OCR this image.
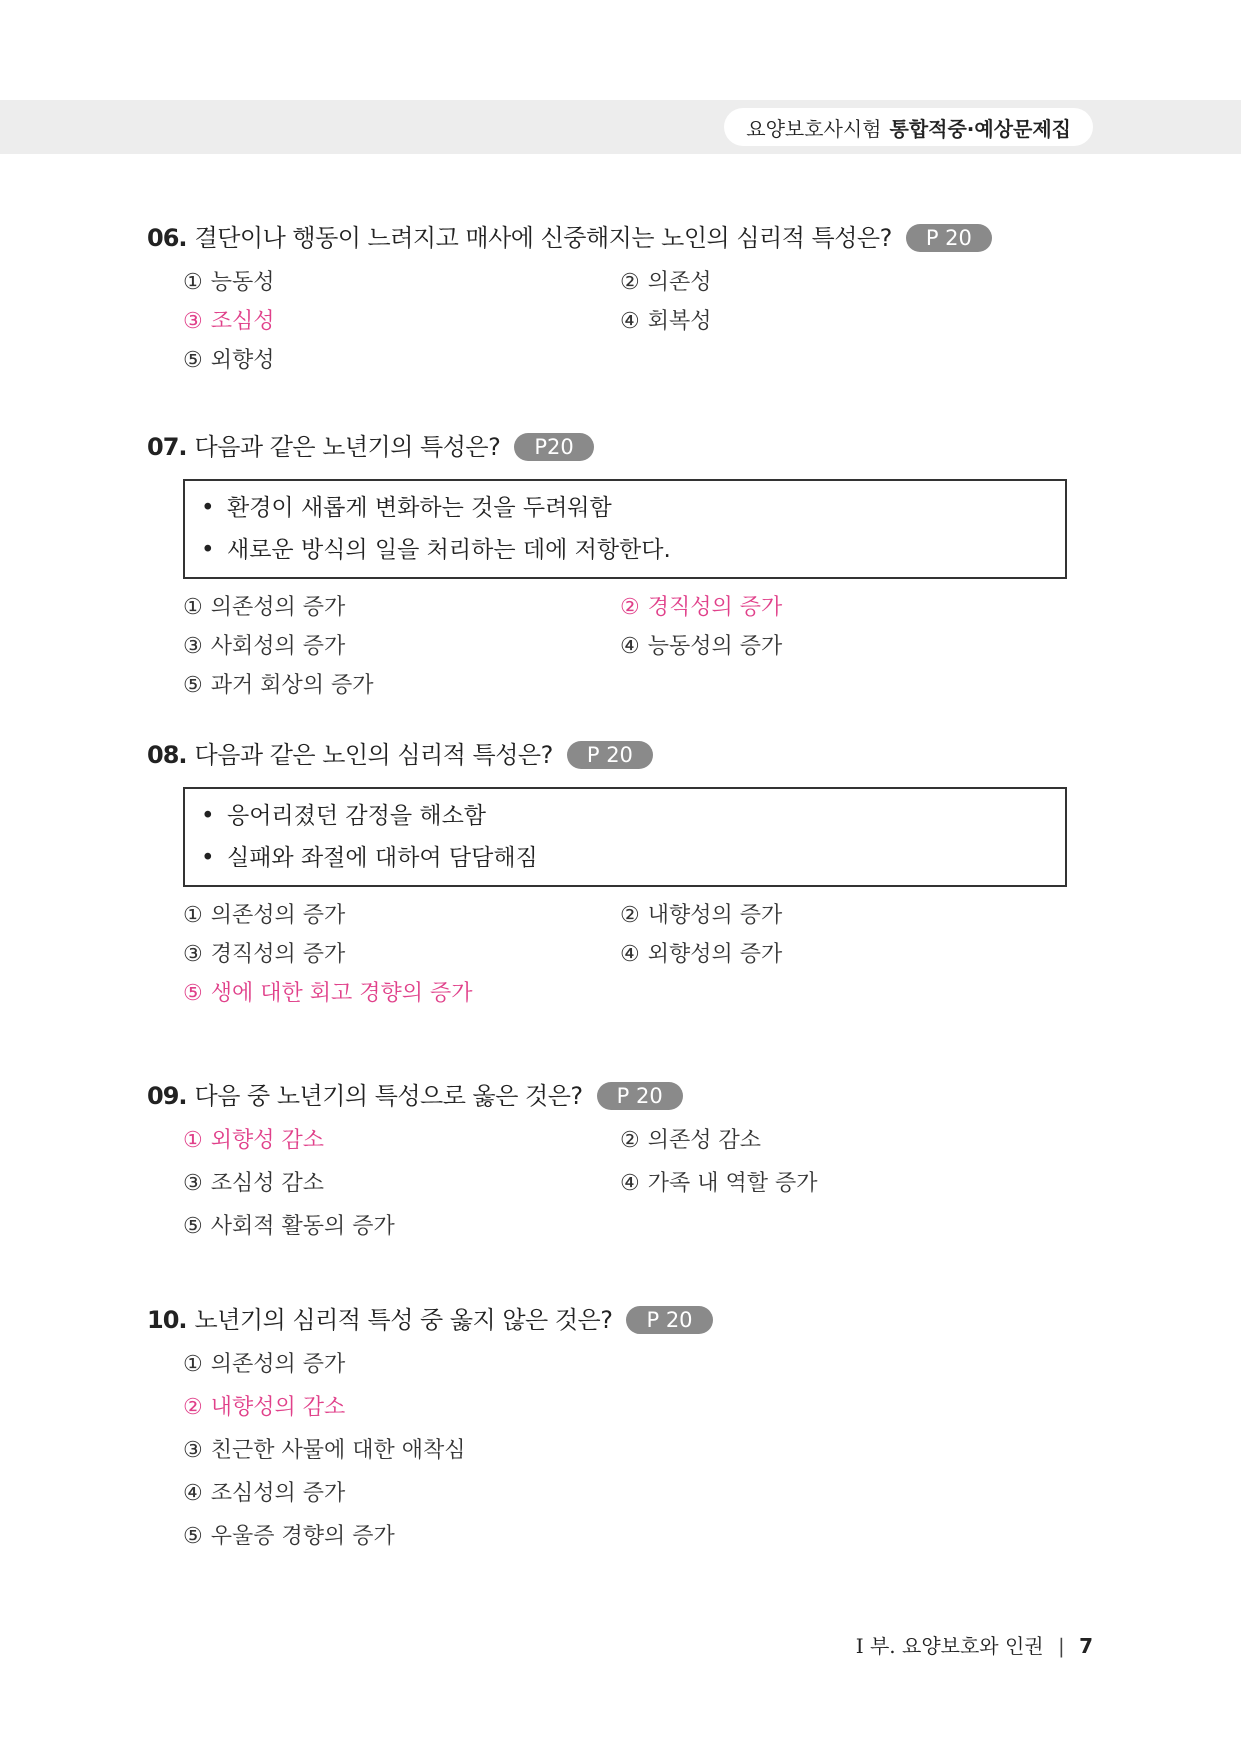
요양보호사시험 통합적중·예상문제집
06. 결단이나 행동이 느려지고 매사에 신중해지는 노인의 심리적 특성은?	P 20
① 능동성	② 의존성
③ 조심성	④ 회복성
⑤ 외향성
07. 다음과 같은 노년기의 특성은?	P20
• 환경이 새롭게 변화하는 것을 두려워함
• 새로운 방식의 일을 처리하는 데에 저항한다.
① 의존성의 증가	② 경직성의 증가
③ 사회성의 증가	④ 능동성의 증가
⑤ 과거 회상의 증가
08. 다음과 같은 노인의 심리적 특성은?	P 20
• 응어리졌던 감정을 해소함
• 실패와 좌절에 대하여 담담해짐
① 의존성의 증가	② 내향성의 증가
③ 경직성의 증가	④ 외향성의 증가
⑤ 생에 대한 회고 경향의 증가
09. 다음 중 노년기의 특성으로 옳은 것은?	P 20
① 외향성 감소	② 의존성 감소
③ 조심성 감소	④ 가족 내 역할 증가
⑤ 사회적 활동의 증가
10. 노년기의 심리적 특성 중 옳지 않은 것은?	P 20
① 의존성의 증가
② 내향성의 감소
③ 친근한 사물에 대한 애착심
④ 조심성의 증가
⑤ 우울증 경향의 증가
I 부. 요양보호와 인권 | 7
